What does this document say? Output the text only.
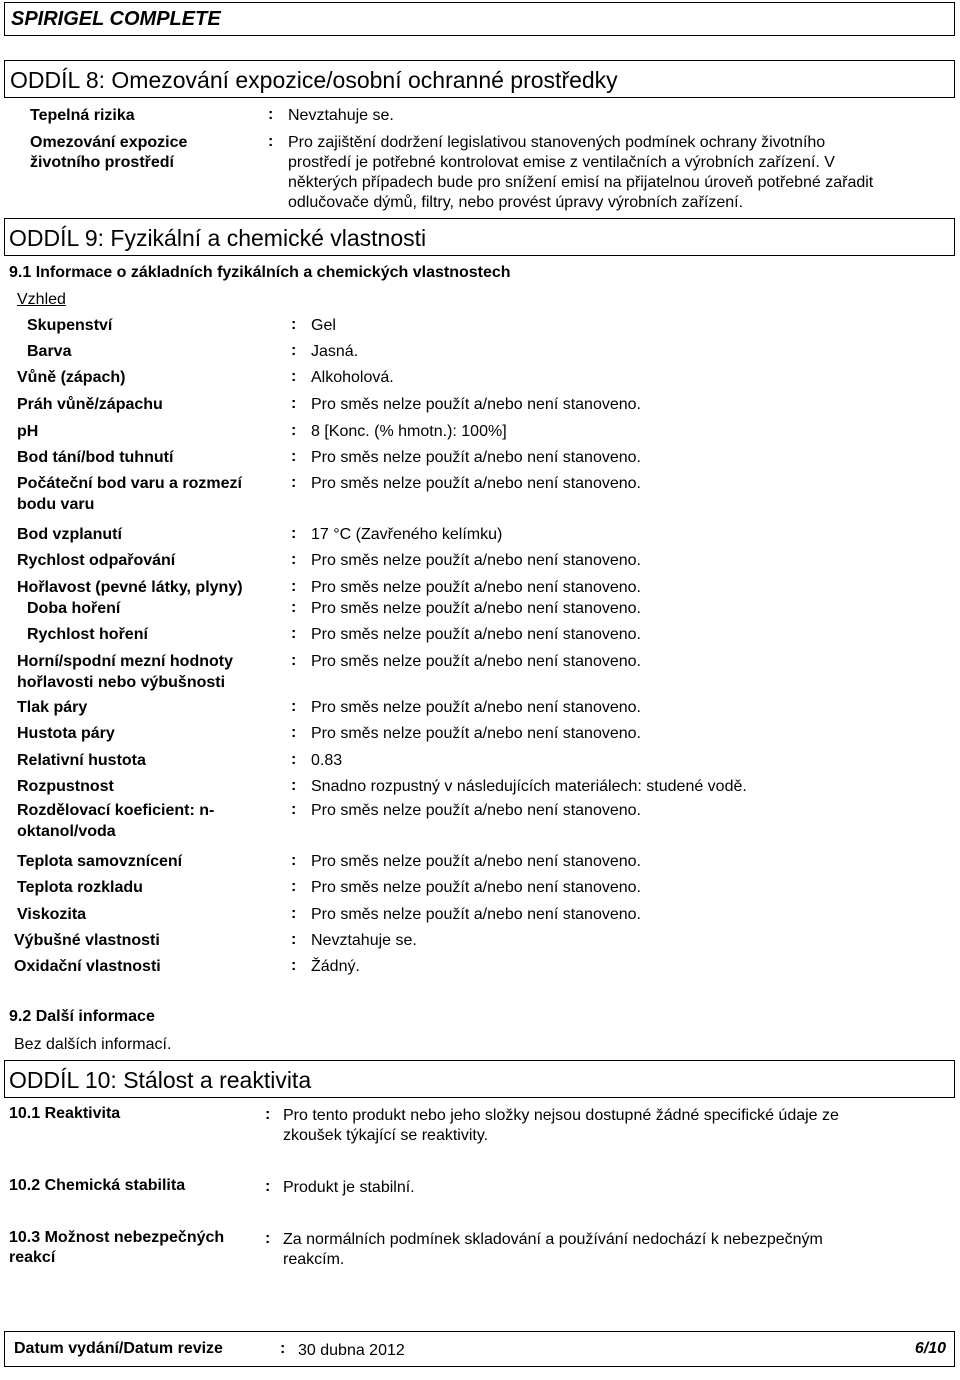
SPIRIGEL COMPLETE
ODDÍL 8: Omezování expozice/osobní ochranné prostředky
Tepelná rizika	: Nevztahuje se.
Omezování expozice
životního prostředí
: Pro zajištění dodržení legislativou stanovených podmínek ochrany životního
prostředí je potřebné kontrolovat emise z ventilačních a výrobních zařízení. V
některých případech bude pro snížení emisí na přijatelnou úroveň potřebné zařadit
odlučovače dýmů, filtry, nebo provést úpravy výrobních zařízení.
ODDÍL 9: Fyzikální a chemické vlastnosti
9.1 Informace o základních fyzikálních a chemických vlastnostech
Vzhled
Skupenství	: Gel
Barva	: Jasná.
Vůně (zápach)	: Alkoholová.
Práh vůně/zápachu	: Pro směs nelze použít a/nebo není stanoveno.
pH	: 8 [Konc. (% hmotn.): 100%]
Bod tání/bod tuhnutí	: Pro směs nelze použít a/nebo není stanoveno.
Počáteční bod varu a rozmezí
bodu varu
: Pro směs nelze použít a/nebo není stanoveno.
Bod vzplanutí	: 17 °C (Zavřeného kelímku)
Rychlost odpařování	: Pro směs nelze použít a/nebo není stanoveno.
Hořlavost (pevné látky, plyny)	: Pro směs nelze použít a/nebo není stanoveno.
Doba hoření	: Pro směs nelze použít a/nebo není stanoveno.
Rychlost hoření	: Pro směs nelze použít a/nebo není stanoveno.
Horní/spodní mezní hodnoty
hořlavosti nebo výbušnosti
: Pro směs nelze použít a/nebo není stanoveno.
Tlak páry	: Pro směs nelze použít a/nebo není stanoveno.
Hustota páry	: Pro směs nelze použít a/nebo není stanoveno.
Relativní hustota	: 0.83
Rozpustnost	: Snadno rozpustný v následujících materiálech: studené vodě.
Rozdělovací koeficient: n-
oktanol/voda
: Pro směs nelze použít a/nebo není stanoveno.
Teplota samovznícení	: Pro směs nelze použít a/nebo není stanoveno.
Teplota rozkladu	: Pro směs nelze použít a/nebo není stanoveno.
Viskozita	: Pro směs nelze použít a/nebo není stanoveno.
Výbušné vlastnosti	: Nevztahuje se.
Oxidační vlastnosti	: Žádný.
9.2 Další informace
Bez dalších informací.
ODDÍL 10: Stálost a reaktivita
10.1 Reaktivita	: Pro tento produkt nebo jeho složky nejsou dostupné žádné specifické údaje ze
zkoušek týkající se reaktivity.
10.2 Chemická stabilita	: Produkt je stabilní.
10.3 Možnost nebezpečných
reakcí
: Za normálních podmínek skladování a používání nedochází k nebezpečným
reakcím.
Datum vydání/Datum revize	: 30 dubna 2012	6/10
